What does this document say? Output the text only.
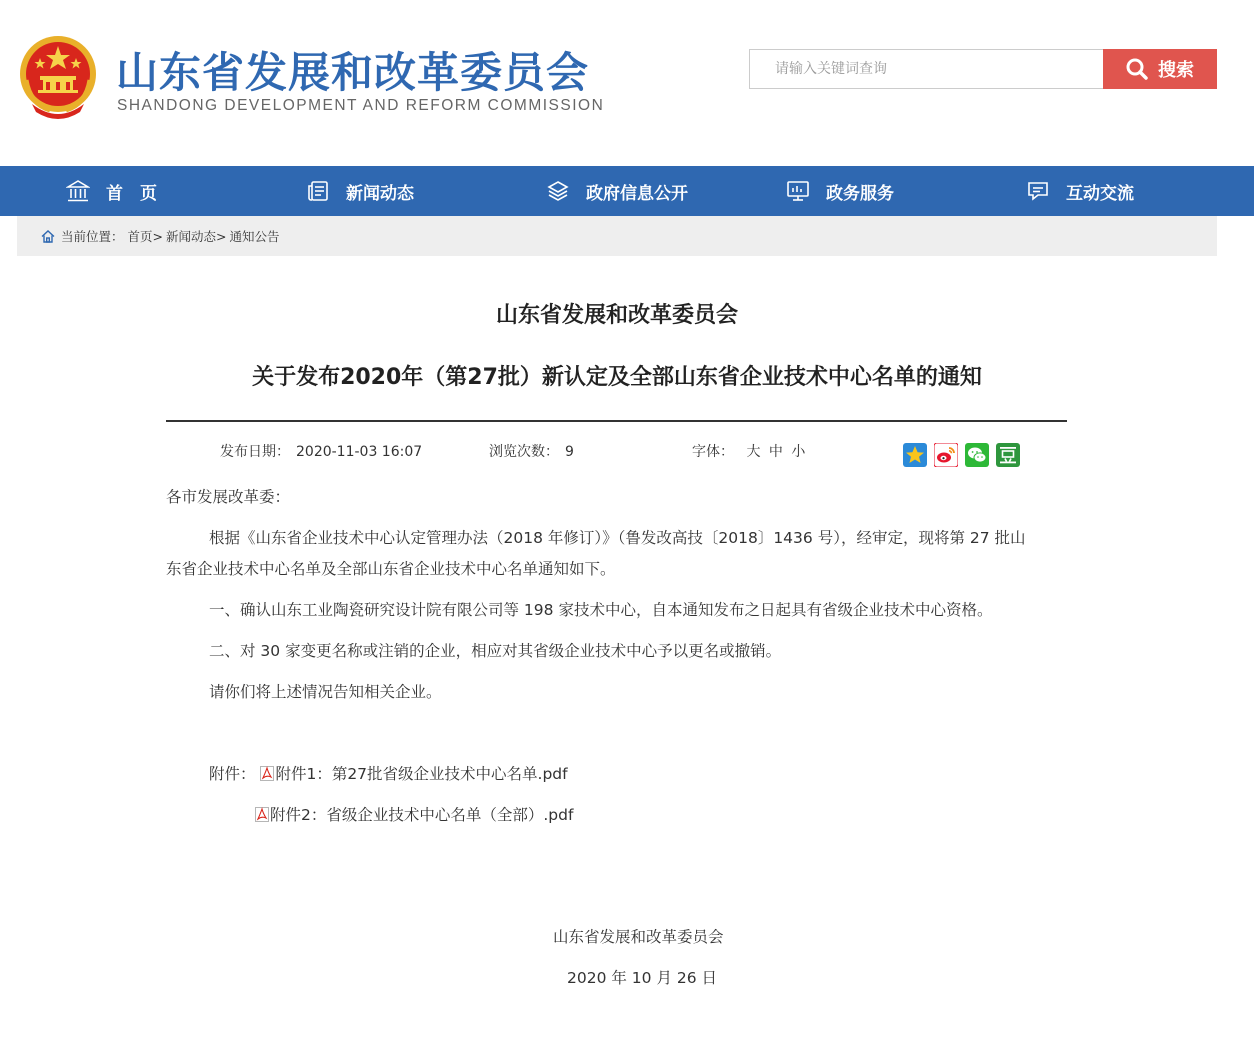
山东省发展和改革委员会
SHANDONG DEVELOPMENT AND REFORM COMMISSION
请输入关键词查询
搜索
首　页	新闻动态	政府信息公开	政务服务	互动交流
当前位置： 首页> 新闻动态> 通知公告
山东省发展和改革委员会
关于发布2020年（第27批）新认定及全部山东省企业技术中心名单的通知
发布日期： 2020-11-03 16:07	浏览次数： 9	字体： 大 中 小
各市发展改革委：
根据《山东省企业技术中心认定管理办法（2018 年修订）》（鲁发改高技〔2018〕1436 号），经审定，现将第 27 批山
东省企业技术中心名单及全部山东省企业技术中心名单通知如下。
一、确认山东工业陶瓷研究设计院有限公司等 198 家技术中心，自本通知发布之日起具有省级企业技术中心资格。
二、对 30 家变更名称或注销的企业，相应对其省级企业技术中心予以更名或撤销。
请你们将上述情况告知相关企业。
附件： 附件1：第27批省级企业技术中心名单.pdf
附件2：省级企业技术中心名单（全部）.pdf
山东省发展和改革委员会
2020 年 10 月 26 日
